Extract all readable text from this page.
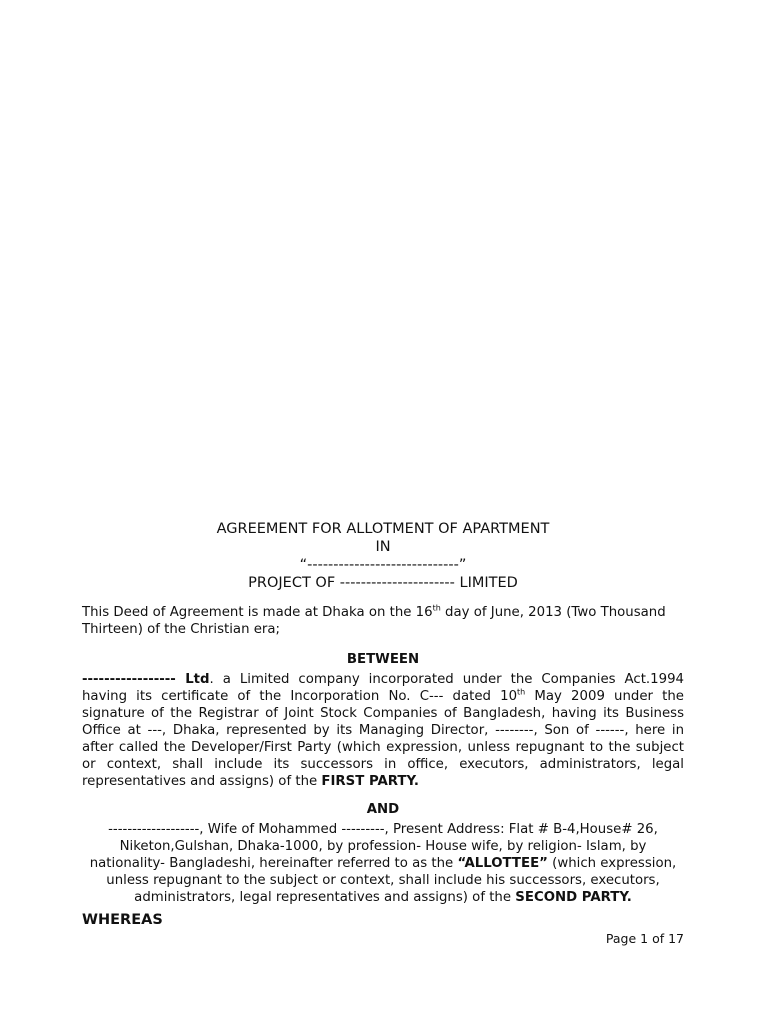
AGREEMENT FOR ALLOTMENT OF APARTMENT

IN

“-----------------------------”

PROJECT OF ---------------------- LIMITED

This Deed of Agreement is made at Dhaka on the 16th day of June, 2013 (Two Thousand Thirteen) of the Christian era;

BETWEEN

----------------- Ltd. a Limited company incorporated under the Companies Act.1994 having its certificate of the Incorporation No. C--- dated 10th May 2009 under the signature of the Registrar of Joint Stock Companies of Bangladesh, having its Business Office at ---, Dhaka, represented by its Managing Director, --------, Son of ------, here in after called the Developer/First Party (which expression, unless repugnant to the subject or context, shall include its successors in office, executors, administrators, legal representatives and assigns) of the FIRST PARTY.

AND

-------------------, Wife of Mohammed ---------, Present Address: Flat # B-4,House# 26, Niketon,Gulshan, Dhaka-1000, by profession- House wife, by religion- Islam, by nationality- Bangladeshi, hereinafter referred to as the “ALLOTTEE” (which expression, unless repugnant to the subject or context, shall include his successors, executors, administrators, legal representatives and assigns) of the SECOND PARTY.

WHEREAS

Page 1 of 17
